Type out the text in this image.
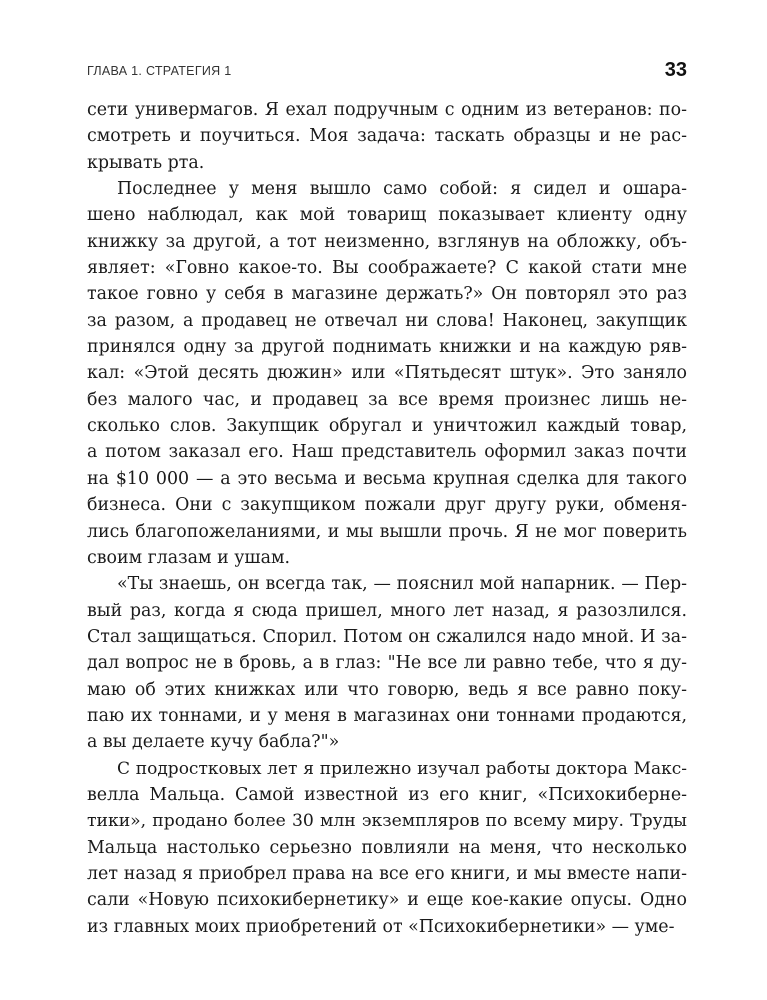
ГЛАВА 1. СТРАТЕГИЯ 1	33
сети универмагов. Я ехал подручным с одним из ветеранов: по-
смотреть и поучиться. Моя задача: таскать образцы и не рас-
крывать рта.
Последнее у меня вышло само собой: я сидел и ошара-
шено наблюдал, как мой товарищ показывает клиенту одну
книжку за другой, а тот неизменно, взглянув на обложку, объ-
являет: «Говно какое-то. Вы соображаете? С какой стати мне
такое говно у себя в магазине держать?» Он повторял это раз
за разом, а продавец не отвечал ни слова! Наконец, закупщик
принялся одну за другой поднимать книжки и на каждую ряв-
кал: «Этой десять дюжин» или «Пятьдесят штук». Это заняло
без малого час, и продавец за все время произнес лишь не-
сколько слов. Закупщик обругал и уничтожил каждый товар,
а потом заказал его. Наш представитель оформил заказ почти
на $10 000 — а это весьма и весьма крупная сделка для такого
бизнеса. Они с закупщиком пожали друг другу руки, обменя-
лись благопожеланиями, и мы вышли прочь. Я не мог поверить
своим глазам и ушам.
«Ты знаешь, он всегда так, — пояснил мой напарник. — Пер-
вый раз, когда я сюда пришел, много лет назад, я разозлился.
Стал защищаться. Спорил. Потом он сжалился надо мной. И за-
дал вопрос не в бровь, а в глаз: "Не все ли равно тебе, что я ду-
маю об этих книжках или что говорю, ведь я все равно поку-
паю их тоннами, и у меня в магазинах они тоннами продаются,
а вы делаете кучу бабла?"»
С подростковых лет я прилежно изучал работы доктора Макс-
велла Мальца. Самой известной из его книг, «Психокибернe-
тики», продано более 30 млн экземпляров по всему миру. Труды
Мальца настолько серьезно повлияли на меня, что несколько
лет назад я приобрел права на все его книги, и мы вместе напи-
сали «Новую психокибернетику» и еще кое-какие опусы. Одно
из главных моих приобретений от «Психокибернетики» — уме-
